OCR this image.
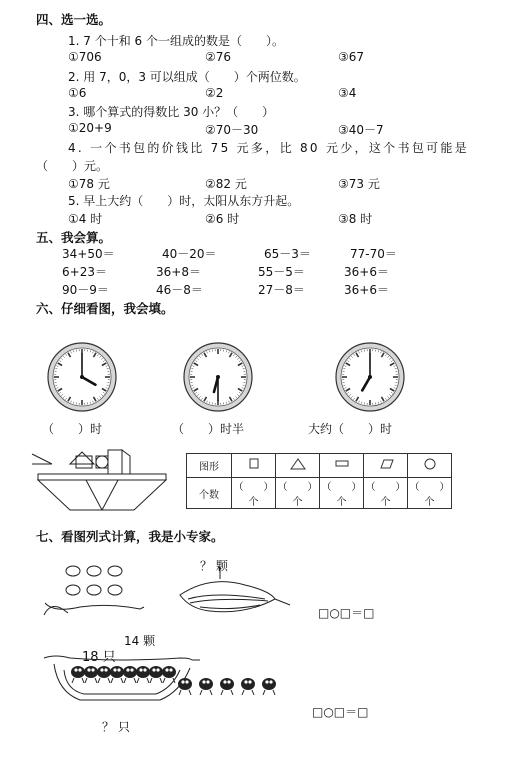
四、选一选。
1. 7 个十和 6 个一组成的数是（　　）。
①706	②76	③67
2. 用 7，0，3 可以组成（　　）个两位数。
①6	②2	③4
3. 哪个算式的得数比 30 小？（　　）
①20+9	②70－30	③40－7
4. 一个书包的价钱比 75 元多，比 80 元少，这个书包可能是
（　　）元。
①78 元	②82 元	③73 元
5. 早上大约（　　）时，太阳从东方升起。
①4 时	②6 时	③8 时
五、我会算。
34+50＝	40－20＝	65－3＝	77-70＝
6+23＝	36+8＝	55－5＝	36+6＝
90－9＝	46－8＝	27－8＝	36+6＝
六、仔细看图，我会填。
（　　）时	（　　）时半	大约（　　）时
图形					
个数	（　　）个	（　　）个	（　　）个	（　　）个	（　　）个
七、看图列式计算，我是小专家。
？ 颗
□○□＝□
14 颗
18 只
？ 只
□○□＝□
